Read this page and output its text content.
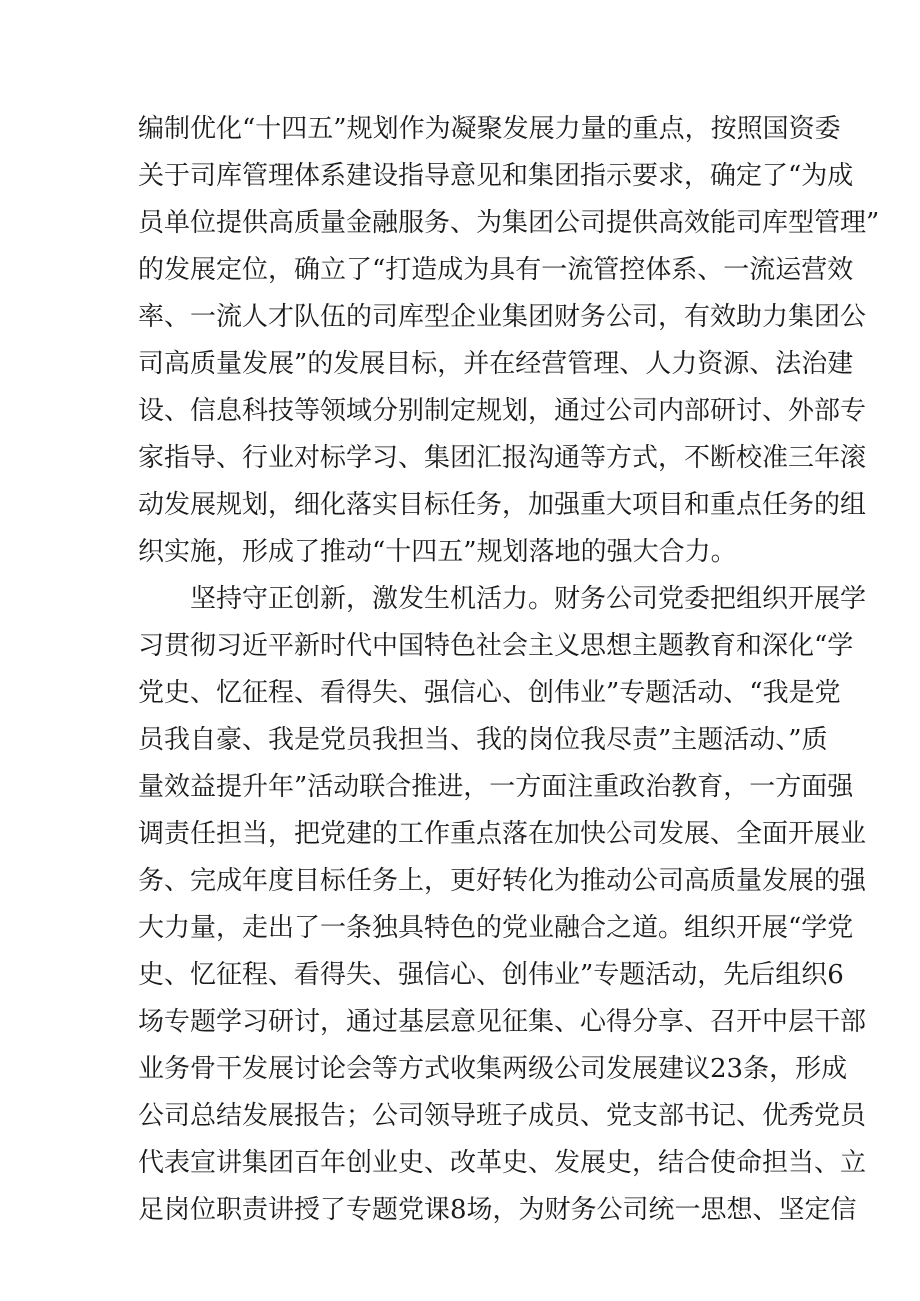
编制优化“十四五”规划作为凝聚发展力量的重点，按照国资委
关于司库管理体系建设指导意见和集团指示要求，确定了“为成
员单位提供高质量金融服务、为集团公司提供高效能司库型管理”
的发展定位，确立了“打造成为具有一流管控体系、一流运营效
率、一流人才队伍的司库型企业集团财务公司，有效助力集团公
司高质量发展”的发展目标，并在经营管理、人力资源、法治建
设、信息科技等领域分别制定规划，通过公司内部研讨、外部专
家指导、行业对标学习、集团汇报沟通等方式，不断校准三年滚
动发展规划，细化落实目标任务，加强重大项目和重点任务的组
织实施，形成了推动“十四五”规划落地的强大合力。
　　坚持守正创新，激发生机活力。财务公司党委把组织开展学
习贯彻习近平新时代中国特色社会主义思想主题教育和深化“学
党史、忆征程、看得失、强信心、创伟业”专题活动、“我是党
员我自豪、我是党员我担当、我的岗位我尽责”主题活动、”质
量效益提升年”活动联合推进，一方面注重政治教育，一方面强
调责任担当，把党建的工作重点落在加快公司发展、全面开展业
务、完成年度目标任务上，更好转化为推动公司高质量发展的强
大力量，走出了一条独具特色的党业融合之道。组织开展“学党
史、忆征程、看得失、强信心、创伟业”专题活动，先后组织6
场专题学习研讨，通过基层意见征集、心得分享、召开中层干部
业务骨干发展讨论会等方式收集两级公司发展建议23条，形成
公司总结发展报告；公司领导班子成员、党支部书记、优秀党员
代表宣讲集团百年创业史、改革史、发展史，结合使命担当、立
足岗位职责讲授了专题党课8场，为财务公司统一思想、坚定信
